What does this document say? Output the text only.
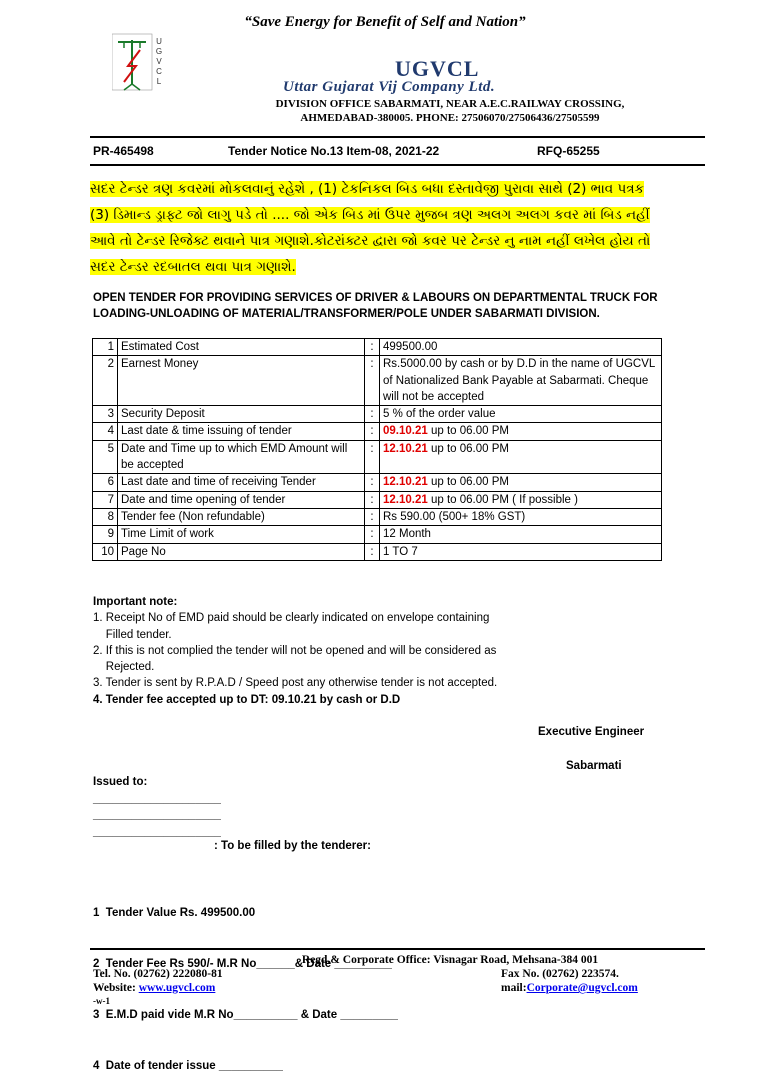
“Save Energy for Benefit of Self and Nation”
U
G
V
C
L
UGVCL
Uttar Gujarat Vij Company Ltd.
DIVISION OFFICE SABARMATI, NEAR A.E.C.RAILWAY CROSSING,
AHMEDABAD-380005. PHONE: 27506070/27506436/27505599
PR-465498	Tender Notice No.13 Item-08, 2021-22	RFQ-65255
સદર ટેન્ડર ત્રણ કવરમાં મોકલવાનું રહેશે , (1) ટેકનિકલ બિડ બધા દસ્તાવેજી પુરાવા સાથે (2) ભાવ પત્રક
(3) ડિમાન્ડ ડ્રાફ્ટ જો લાગુ પડે તો .... જો એક બિડ માં ઉપર મુજબ ત્રણ અલગ અલગ કવર માં બિડ નહીં
આવે તો ટેન્ડર રિજેક્ટ થવાને પાત્ર ગણાશે.કોટરાંક્ટર દ્વારા જો કવર પર ટેન્ડર નુ નામ નહીં લખેલ હોય તો
સદર ટેન્ડર રદબાતલ થવા પાત્ર ગણાશે.
OPEN TENDER FOR PROVIDING SERVICES OF DRIVER & LABOURS ON DEPARTMENTAL TRUCK FOR
LOADING-UNLOADING OF MATERIAL/TRANSFORMER/POLE UNDER SABARMATI DIVISION.
1	Estimated Cost	:	499500.00
2	Earnest Money	:	Rs.5000.00 by cash or by D.D in the name of UGCVL of Nationalized Bank Payable at Sabarmati. Cheque will not be accepted
3	Security Deposit	:	5 % of the order value
4	Last date & time issuing of tender	:	09.10.21 up to 06.00 PM
5	Date and Time up to which EMD Amount will be accepted	:	12.10.21 up to 06.00 PM
6	Last date and time of receiving Tender	:	12.10.21 up to 06.00 PM
7	Date and time opening of tender	:	12.10.21 up to 06.00 PM ( If possible )
8	Tender fee (Non refundable)	:	Rs 590.00 (500+ 18% GST)
9	Time Limit of work	:	12 Month
10	Page No	:	1 TO 7
Important note:
1. Receipt No of EMD paid should be clearly indicated on envelope containing
Filled tender.
2. If this is not complied the tender will not be opened and will be considered as
Rejected.
3. Tender is sent by R.P.A.D / Speed post any otherwise tender is not accepted.
4. Tender fee accepted up to DT: 09.10.21 by cash or D.D
Executive Engineer
Sabarmati
Issued to:
____________________
____________________
____________________
: To be filled by the tenderer:

1  Tender Value Rs. 499500.00

2  Tender Fee Rs 590/- M.R No______& Date _________

3  E.M.D paid vide M.R No__________ & Date _________

4  Date of tender issue __________

Regd.& Corporate Office: Visnagar Road, Mehsana-384 001
Tel. No. (02762) 222080-81	Fax No. (02762) 223574.
Website: www.ugvcl.com	mail:Corporate@ugvcl.com
-w-1
